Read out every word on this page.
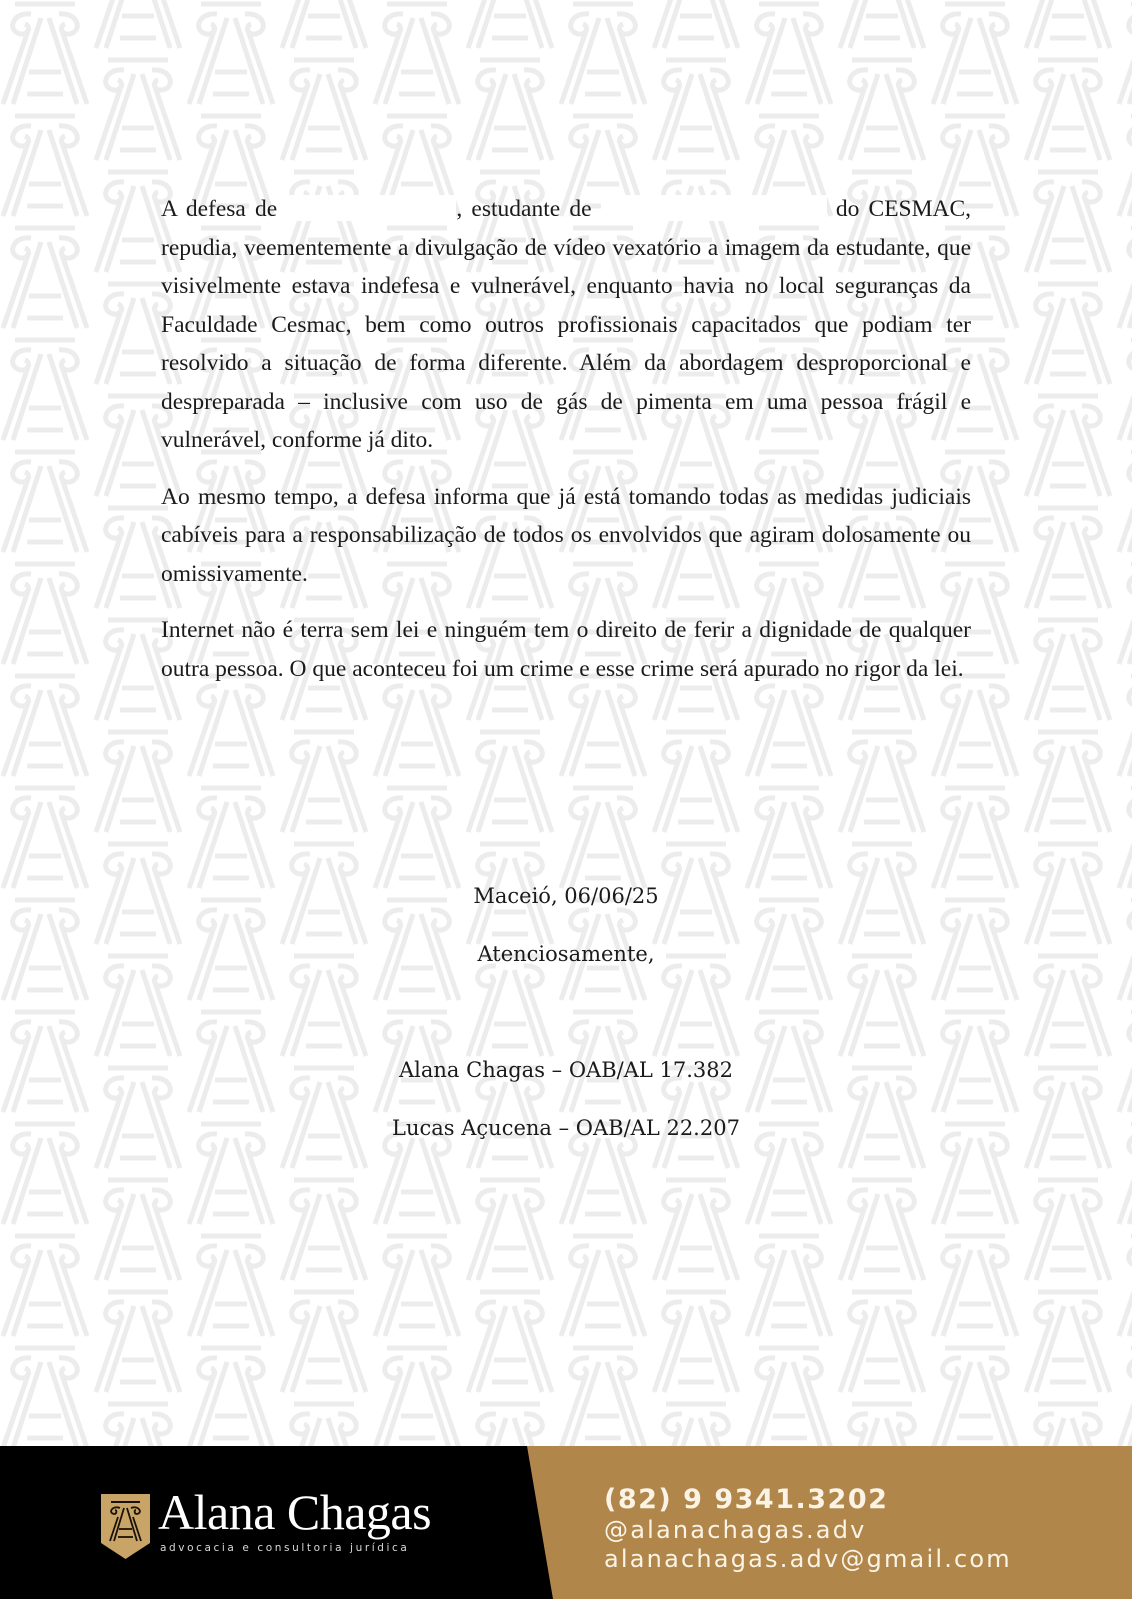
A defesa de	, estudante de	do CESMAC, repudia, veementemente a divulgação de vídeo vexatório a imagem da estudante, que visivelmente estava indefesa e vulnerável, enquanto havia no local seguranças da Faculdade Cesmac, bem como outros profissionais capacitados que podiam ter resolvido a situação de forma diferente. Além da abordagem desproporcional e despreparada – inclusive com uso de gás de pimenta em uma pessoa frágil e vulnerável, conforme já dito.

Ao mesmo tempo, a defesa informa que já está tomando todas as medidas judiciais cabíveis para a responsabilização de todos os envolvidos que agiram dolosamente ou omissivamente.

Internet não é terra sem lei e ninguém tem o direito de ferir a dignidade de qualquer outra pessoa. O que aconteceu foi um crime e esse crime será apurado no rigor da lei.

Maceió, 06/06/25
Atenciosamente,
Alana Chagas – OAB/AL 17.382
Lucas Açucena – OAB/AL 22.207
Alana Chagas
advocacia e consultoria jurídica
(82) 9 9341.3202
@alanachagas.adv
alanachagas.adv@gmail.com
